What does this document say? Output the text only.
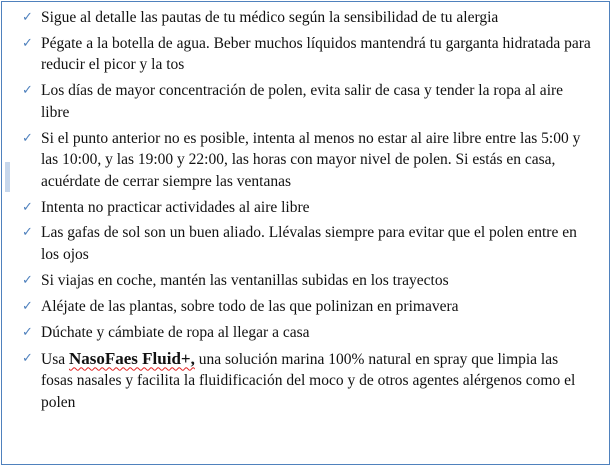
✓ Sigue al detalle las pautas de tu médico según la sensibilidad de tu alergia
✓ Pégate a la botella de agua. Beber muchos líquidos mantendrá tu garganta hidratada para reducir el picor y la tos
✓ Los días de mayor concentración de polen, evita salir de casa y tender la ropa al aire libre
✓ Si el punto anterior no es posible, intenta al menos no estar al aire libre entre las 5:00 y las 10:00, y las 19:00 y 22:00, las horas con mayor nivel de polen. Si estás en casa, acuérdate de cerrar siempre las ventanas
✓ Intenta no practicar actividades al aire libre
✓ Las gafas de sol son un buen aliado. Llévalas siempre para evitar que el polen entre en los ojos
✓ Si viajas en coche, mantén las ventanillas subidas en los trayectos
✓ Aléjate de las plantas, sobre todo de las que polinizan en primavera
✓ Dúchate y cámbiate de ropa al llegar a casa
✓ Usa NasoFaes Fluid+, una solución marina 100% natural en spray que limpia las fosas nasales y facilita la fluidificación del moco y de otros agentes alérgenos como el polen
